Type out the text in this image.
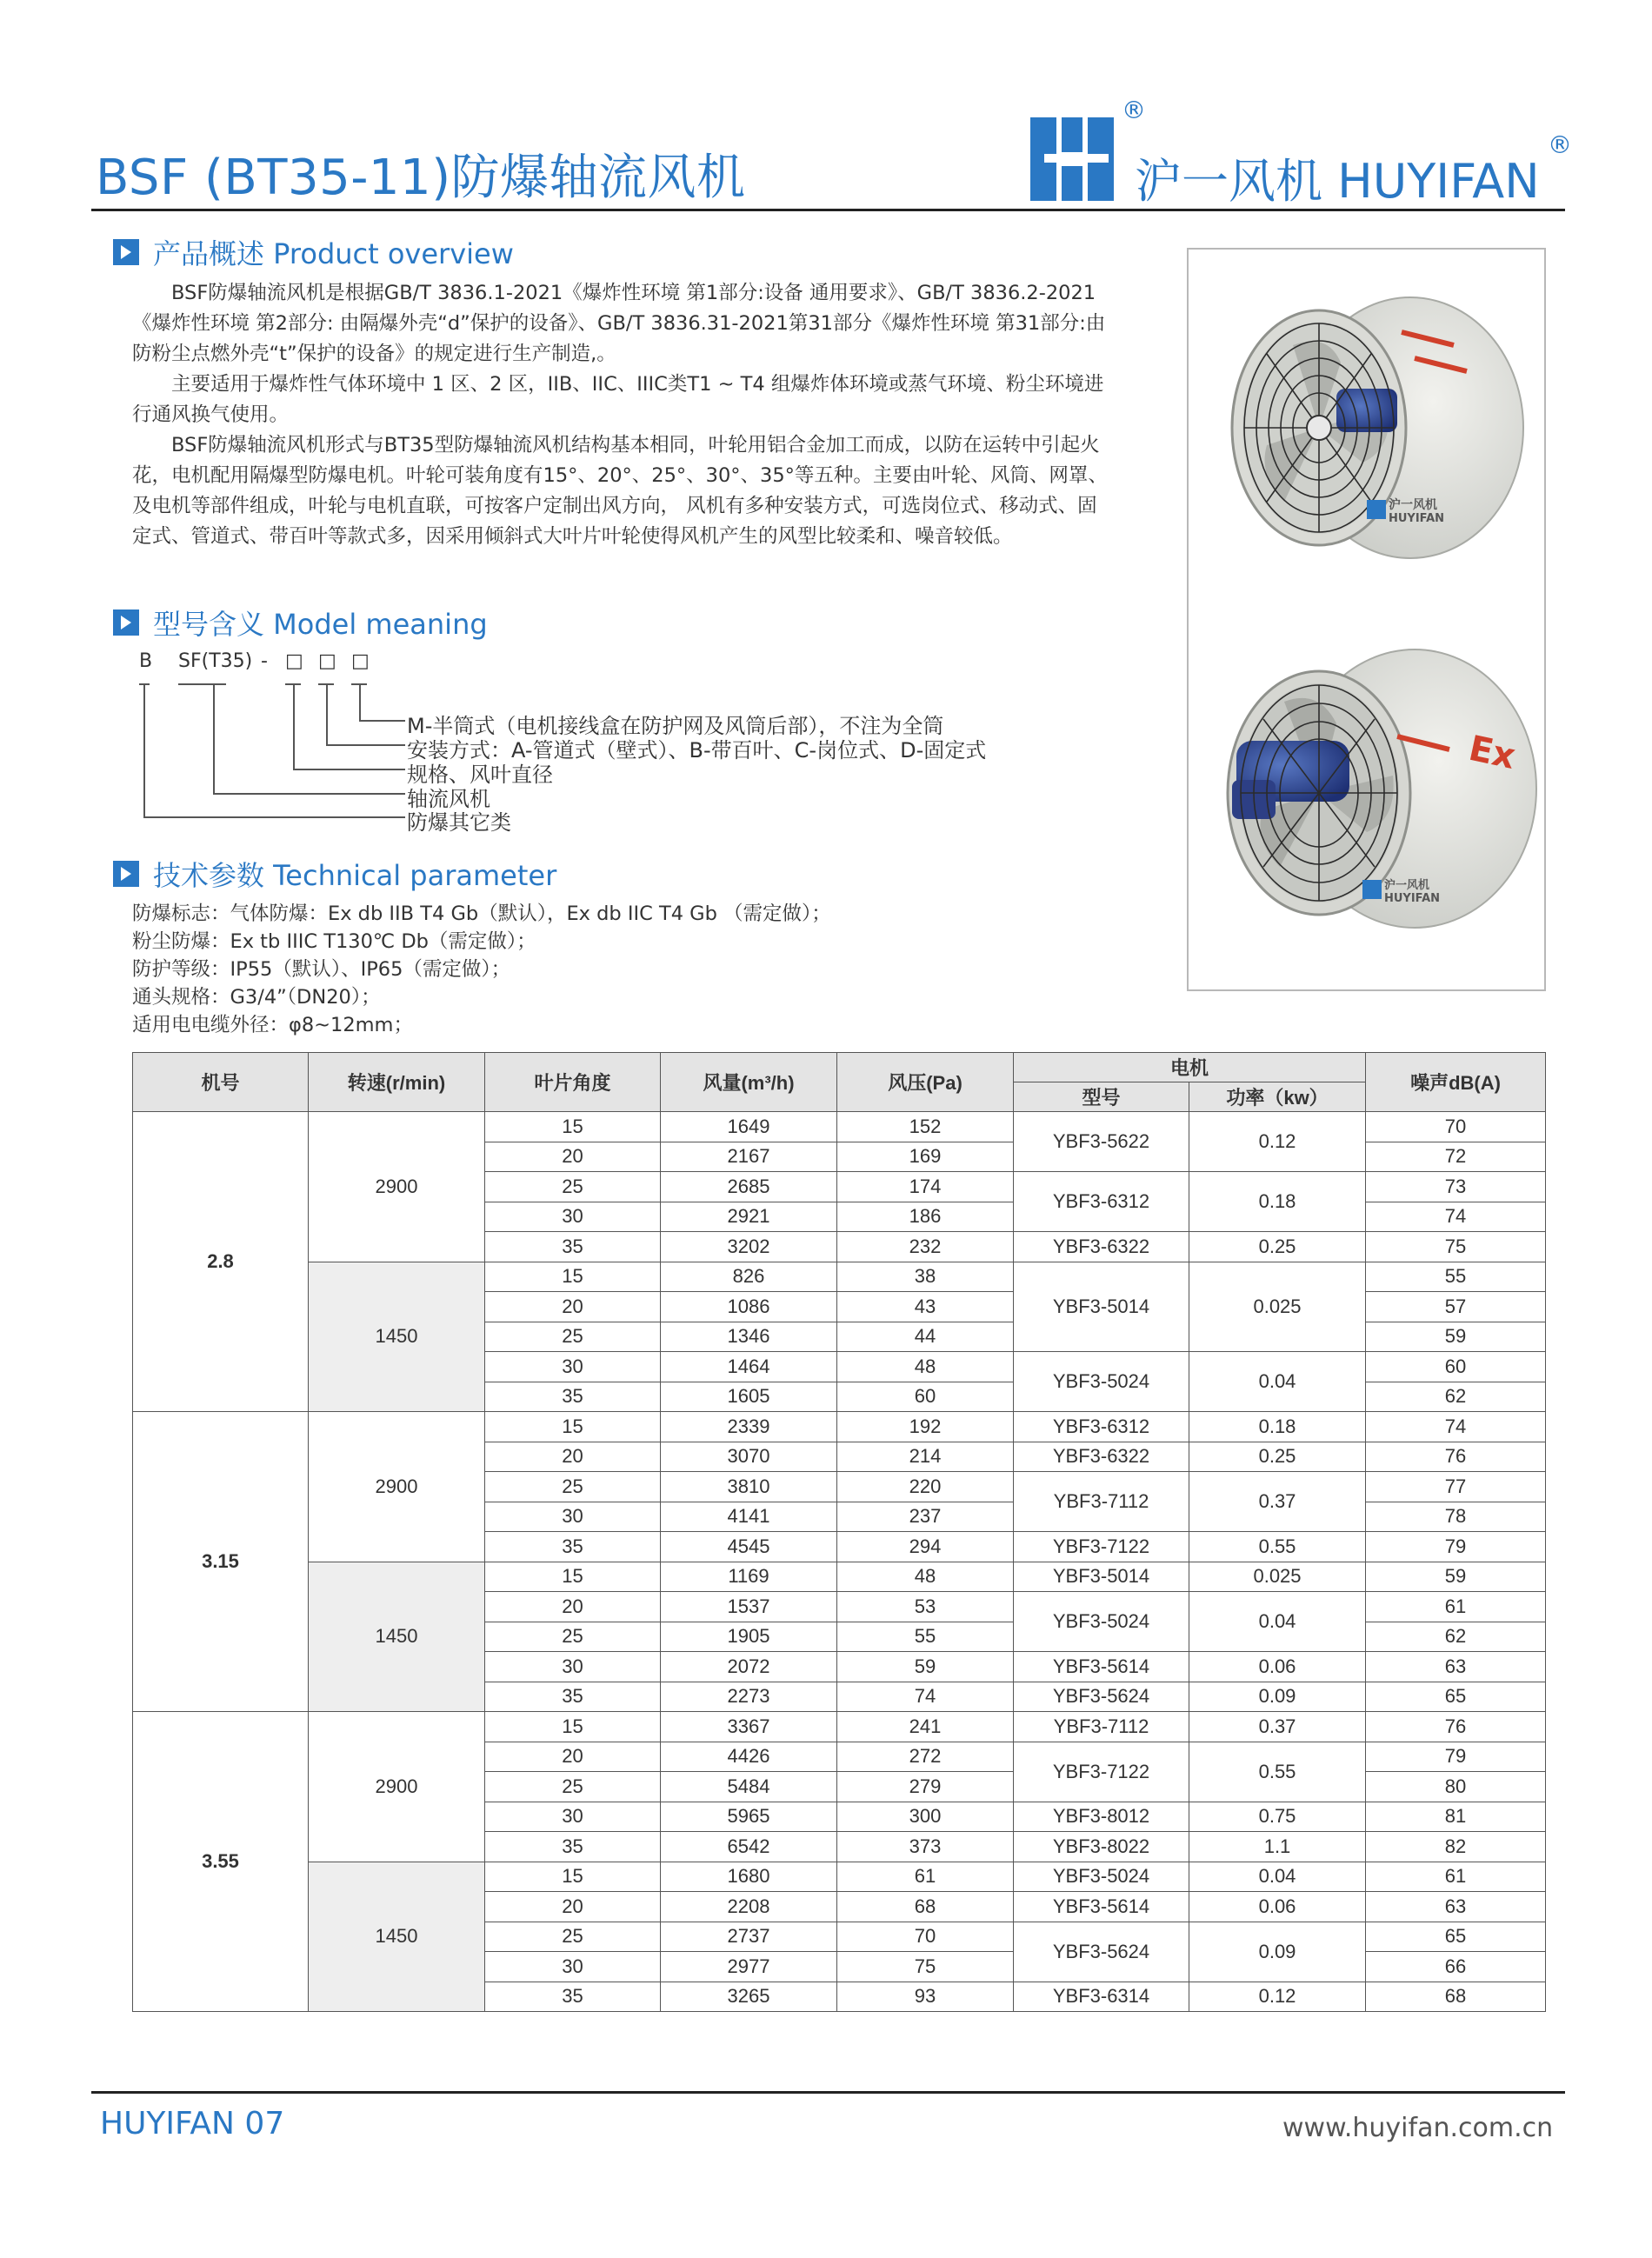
BSF (BT35-11)防爆轴流风机
®
沪一风机 HUYIFAN
®
产品概述 Product overview

BSF防爆轴流风机是根据GB/T 3836.1-2021《爆炸性环境 第1部分:设备 通用要求》、GB/T 3836.2-2021《爆炸性环境 第2部分: 由隔爆外壳“d”保护的设备》、GB/T 3836.31-2021第31部分《爆炸性环境 第31部分:由防粉尘点燃外壳“t”保护的设备》的规定进行生产制造,。

主要适用于爆炸性气体环境中 1 区、2 区，IIB、IIC、IIIC类T1 ~ T4 组爆炸体环境或蒸气环境、粉尘环境进行通风换气使用。

BSF防爆轴流风机形式与BT35型防爆轴流风机结构基本相同，叶轮用铝合金加工而成，以防在运转中引起火花，电机配用隔爆型防爆电机。叶轮可装角度有15°、20°、25°、30°、35°等五种。主要由叶轮、风筒、网罩、及电机等部件组成，叶轮与电机直联，可按客户定制出风方向， 风机有多种安装方式，可选岗位式、移动式、固定式、管道式、带百叶等款式多，因采用倾斜式大叶片叶轮使得风机产生的风型比较柔和、噪音较低。

型号含义 Model meaning
B SF(T35) - □ □ □
M-半筒式（电机接线盒在防护网及风筒后部），不注为全筒
安装方式：A-管道式（壁式）、B-带百叶、C-岗位式、D-固定式
规格、风叶直径
轴流风机
防爆其它类
技术参数 Technical parameter
防爆标志：气体防爆：Ex db IIB T4 Gb（默认），Ex db IIC T4 Gb （需定做）；
粉尘防爆：Ex tb IIIC T130℃ Db（需定做）；
防护等级：IP55（默认）、IP65（需定做）；
通头规格：G3/4”（DN20）；
适用电电缆外径：φ8~12mm；
沪一风机
HUYIFAN
Ex
沪一风机
HUYIFAN
机号	转速(r/min)	叶片角度	风量(m³/h)	风压(Pa)	电机		噪声dB(A)
					型号	功率（kw）	
2.8	2900	15	1649	152	YBF3-5622	0.12	70
		20	2167	169			72
		25	2685	174	YBF3-6312	0.18	73
		30	2921	186			74
		35	3202	232	YBF3-6322	0.25	75
	1450	15	826	38	YBF3-5014	0.025	55
		20	1086	43			57
		25	1346	44			59
		30	1464	48	YBF3-5024	0.04	60
		35	1605	60			62
3.15	2900	15	2339	192	YBF3-6312	0.18	74
		20	3070	214	YBF3-6322	0.25	76
		25	3810	220	YBF3-7112	0.37	77
		30	4141	237			78
		35	4545	294	YBF3-7122	0.55	79
	1450	15	1169	48	YBF3-5014	0.025	59
		20	1537	53	YBF3-5024	0.04	61
		25	1905	55			62
		30	2072	59	YBF3-5614	0.06	63
		35	2273	74	YBF3-5624	0.09	65
3.55	2900	15	3367	241	YBF3-7112	0.37	76
		20	4426	272	YBF3-7122	0.55	79
		25	5484	279			80
		30	5965	300	YBF3-8012	0.75	81
		35	6542	373	YBF3-8022	1.1	82
	1450	15	1680	61	YBF3-5024	0.04	61
		20	2208	68	YBF3-5614	0.06	63
		25	2737	70	YBF3-5624	0.09	65
		30	2977	75			66
		35	3265	93	YBF3-6314	0.12	68
HUYIFAN 07	www.huyifan.com.cn
